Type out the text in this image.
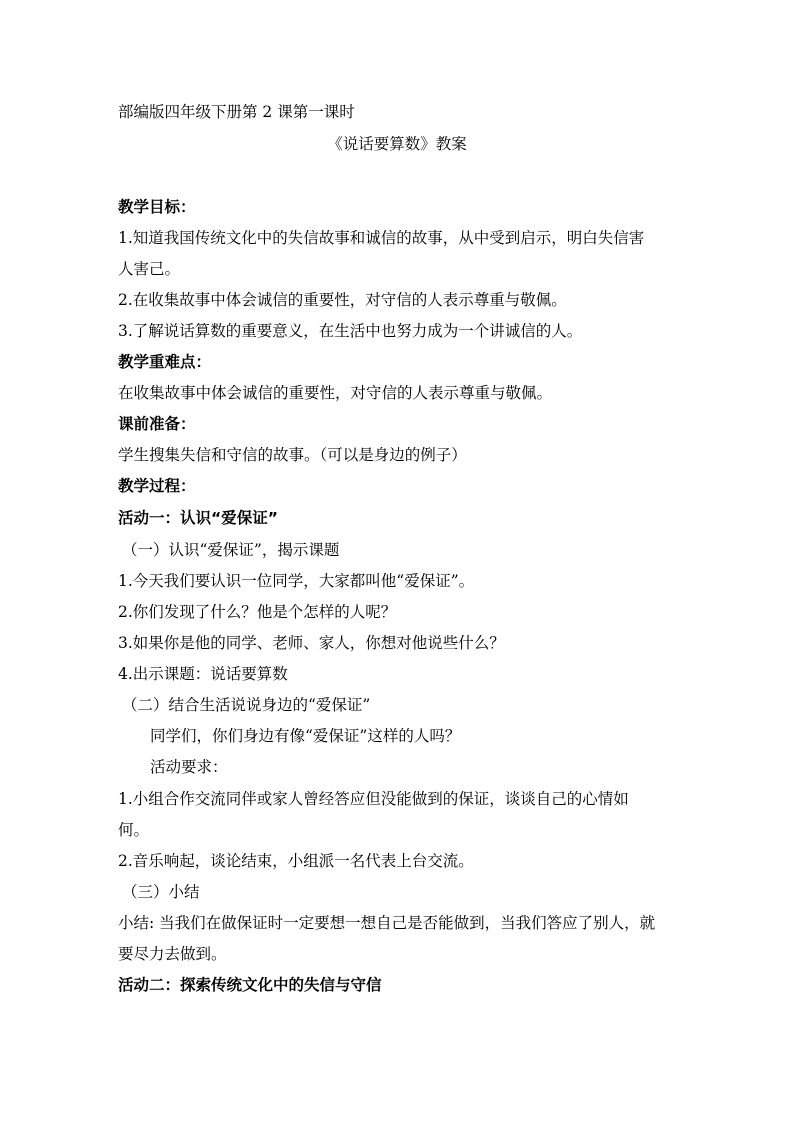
部编版四年级下册第 2 课第一课时
《说话要算数》教案
教学目标：
1.知道我国传统文化中的失信故事和诚信的故事，从中受到启示，明白失信害
人害己。
2.在收集故事中体会诚信的重要性，对守信的人表示尊重与敬佩。
3.了解说话算数的重要意义，在生活中也努力成为一个讲诚信的人。
教学重难点：
在收集故事中体会诚信的重要性，对守信的人表示尊重与敬佩。
课前准备：
学生搜集失信和守信的故事。（可以是身边的例子）
教学过程：
活动一：认识“爱保证”
（一）认识“爱保证”，揭示课题
1.今天我们要认识一位同学，大家都叫他“爱保证”。
2.你们发现了什么？他是个怎样的人呢？
3.如果你是他的同学、老师、家人，你想对他说些什么？
4.出示课题：说话要算数
（二）结合生活说说身边的“爱保证”
同学们，你们身边有像“爱保证”这样的人吗？
活动要求：
1.小组合作交流同伴或家人曾经答应但没能做到的保证，谈谈自己的心情如
何。
2.音乐响起，谈论结束，小组派一名代表上台交流。
（三）小结
小结: 当我们在做保证时一定要想一想自己是否能做到，当我们答应了别人，就
要尽力去做到。
活动二：探索传统文化中的失信与守信
